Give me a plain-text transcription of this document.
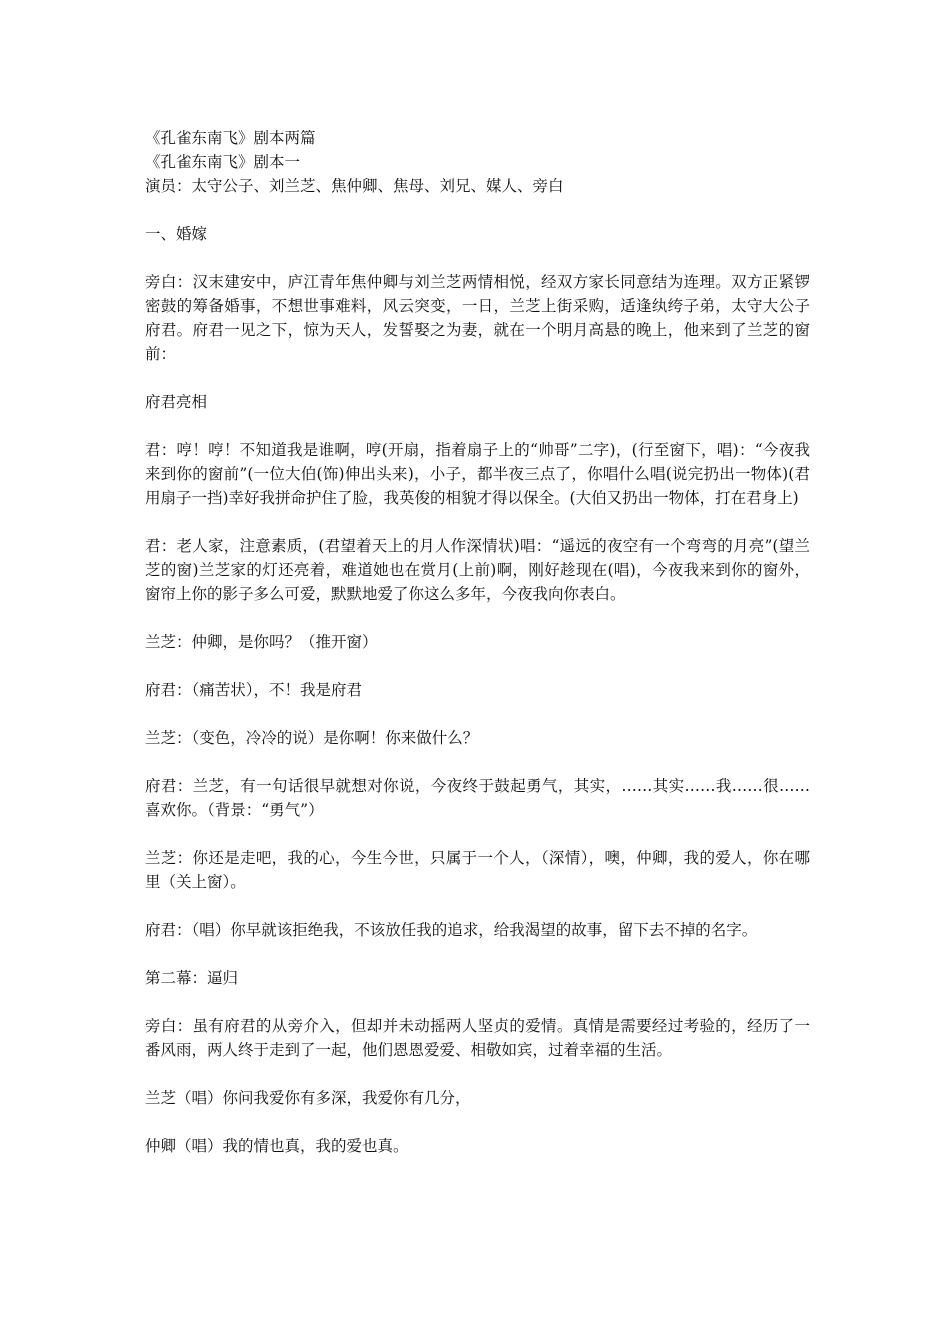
《孔雀东南飞》剧本两篇

《孔雀东南飞》剧本一

演员：太守公子、刘兰芝、焦仲卿、焦母、刘兄、媒人、旁白

一、婚嫁

旁白：汉末建安中，庐江青年焦仲卿与刘兰芝两情相悦，经双方家长同意结为连理。双方正紧锣密鼓的筹备婚事，不想世事难料，风云突变，一日，兰芝上街采购，适逢纨绔子弟，太守大公子府君。府君一见之下，惊为天人，发誓娶之为妻，就在一个明月高悬的晚上，他来到了兰芝的窗前：

府君亮相

君：哼！哼！不知道我是谁啊，哼(开扇，指着扇子上的“帅哥”二字)，(行至窗下，唱)：“今夜我来到你的窗前”(一位大伯(饰)伸出头来)，小子，都半夜三点了，你唱什么唱(说完扔出一物体)(君用扇子一挡)幸好我拼命护住了脸，我英俊的相貌才得以保全。(大伯又扔出一物体，打在君身上)

君：老人家，注意素质，(君望着天上的月人作深情状)唱：“遥远的夜空有一个弯弯的月亮”(望兰芝的窗)兰芝家的灯还亮着，难道她也在赏月(上前)啊，刚好趁现在(唱)，今夜我来到你的窗外，窗帘上你的影子多么可爱，默默地爱了你这么多年，今夜我向你表白。

兰芝：仲卿，是你吗？（推开窗）

府君：（痛苦状），不！我是府君

兰芝：（变色，冷冷的说）是你啊！你来做什么？

府君：兰芝，有一句话很早就想对你说，今夜终于鼓起勇气，其实，……其实……我……很……喜欢你。（背景：“勇气”）

兰芝：你还是走吧，我的心，今生今世，只属于一个人，（深情），噢，仲卿，我的爱人，你在哪里（关上窗）。

府君：（唱）你早就该拒绝我，不该放任我的追求，给我渴望的故事，留下去不掉的名字。

第二幕：逼归

旁白：虽有府君的从旁介入，但却并未动摇两人坚贞的爱情。真情是需要经过考验的，经历了一番风雨，两人终于走到了一起，他们恩恩爱爱、相敬如宾，过着幸福的生活。

兰芝（唱）你问我爱你有多深，我爱你有几分，

仲卿（唱）我的情也真，我的爱也真。
